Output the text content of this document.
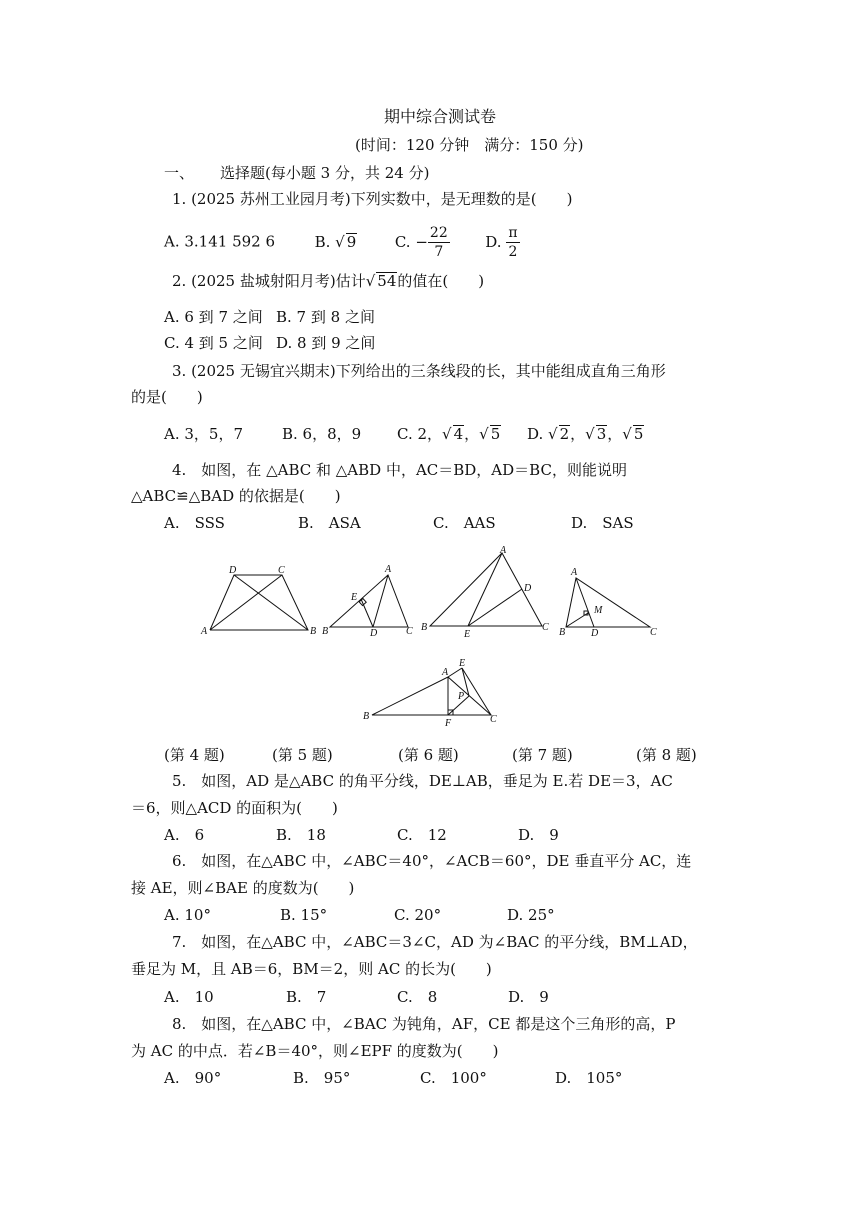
期中综合测试卷
(时间：120 分钟　满分：150 分)
一、 选择题(每小题 3 分，共 24 分)
1. (2025 苏州工业园月考)下列实数中，是无理数的是(　　)
A. 3.141 592 6	B. √ 9	C. − $\frac{22}{7} D$. $\frac{\pi}{2}$
2. (2025 盐城射阳月考)估计√ 54的值在(　　)
A. 6 到 7 之间 B. 7 到 8 之间
C. 4 到 5 之间 D. 8 到 9 之间
3. (2025 无锡宜兴期末)下列给出的三条线段的长，其中能组成直角三角形
的是(　　)
A. 3，5，7	B. 6，8，9 C. 2，√ 4，√ 5 D. √ 2，√ 3，√ 5
4.　如图，在 △ABC 和 △ABD 中，AC＝BD，AD＝BC，则能说明
△ABC≌△BAD 的依据是(　　)
A.　SSS	B.　ASA	C.　AAS	D.　SAS
D	C
A	B
A
E
B	D	C
A
D
B
E
C
A
M
B	D	C
E
A
P
B
F	C
(第 4 题)	(第 5 题)	(第 6 题)	(第 7 题)	(第 8 题)
5.　如图，AD 是△ABC 的角平分线，DE⊥AB，垂足为 E.若 DE＝3，AC
＝6，则△ACD 的面积为(　　)
A.　6	B.　18	C.　12	D.　9
6.　如图，在△ABC 中，∠ABC＝40°，∠ACB＝60°，DE 垂直平分 AC，连
接 AE，则∠BAE 的度数为(　　)
A. 10°	B. 15°	C. 20°	D. 25°
7.　如图，在△ABC 中，∠ABC＝3∠C，AD 为∠BAC 的平分线，BM⊥AD，
垂足为 M，且 AB＝6，BM＝2，则 AC 的长为(　　)
A.　10	B.　7	C.　8	D.　9
8.　如图，在△ABC 中，∠BAC 为钝角，AF，CE 都是这个三角形的高，P
为 AC 的中点．若∠B＝40°，则∠EPF 的度数为(　　)
A.　90°	B.　95°	C.　100°	D.　105°
